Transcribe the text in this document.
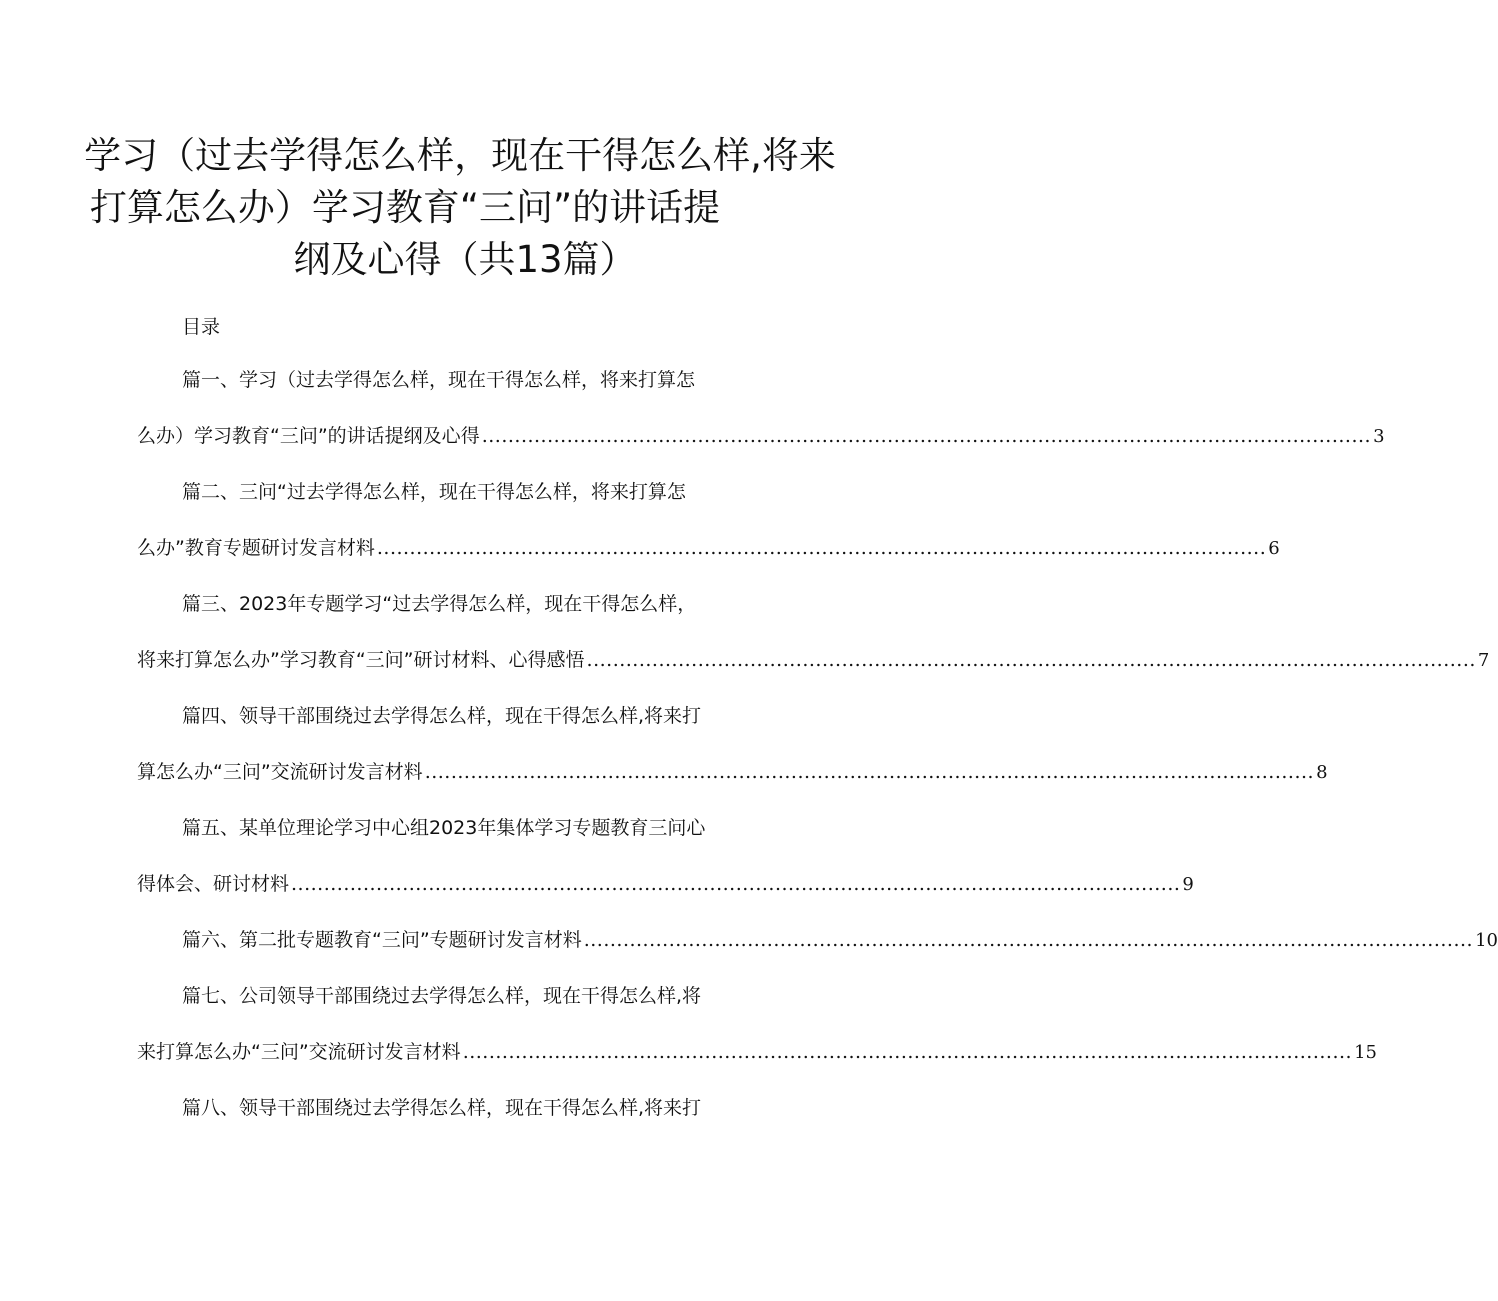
学习（过去学得怎么样，现在干得怎么样,将来
打算怎么办）学习教育“三问”的讲话提
纲及心得（共13篇）
目录
篇一、学习（过去学得怎么样，现在干得怎么样，将来打算怎
么办）学习教育“三问”的讲话提纲及心得 ........................................................................................................................................ 3
篇二、三问“过去学得怎么样，现在干得怎么样，将来打算怎
么办”教育专题研讨发言材料 ........................................................................................................................................ 6
篇三、2023年专题学习“过去学得怎么样，现在干得怎么样，
将来打算怎么办”学习教育“三问”研讨材料、心得感悟 ........................................................................................................................................ 7
篇四、领导干部围绕过去学得怎么样，现在干得怎么样,将来打
算怎么办“三问”交流研讨发言材料 ........................................................................................................................................ 8
篇五、某单位理论学习中心组2023年集体学习专题教育三问心
得体会、研讨材料 ........................................................................................................................................ 9
篇六、第二批专题教育“三问”专题研讨发言材料 ........................................................................................................................................ 10
篇七、公司领导干部围绕过去学得怎么样，现在干得怎么样,将
来打算怎么办“三问”交流研讨发言材料 ........................................................................................................................................ 15
篇八、领导干部围绕过去学得怎么样，现在干得怎么样,将来打
